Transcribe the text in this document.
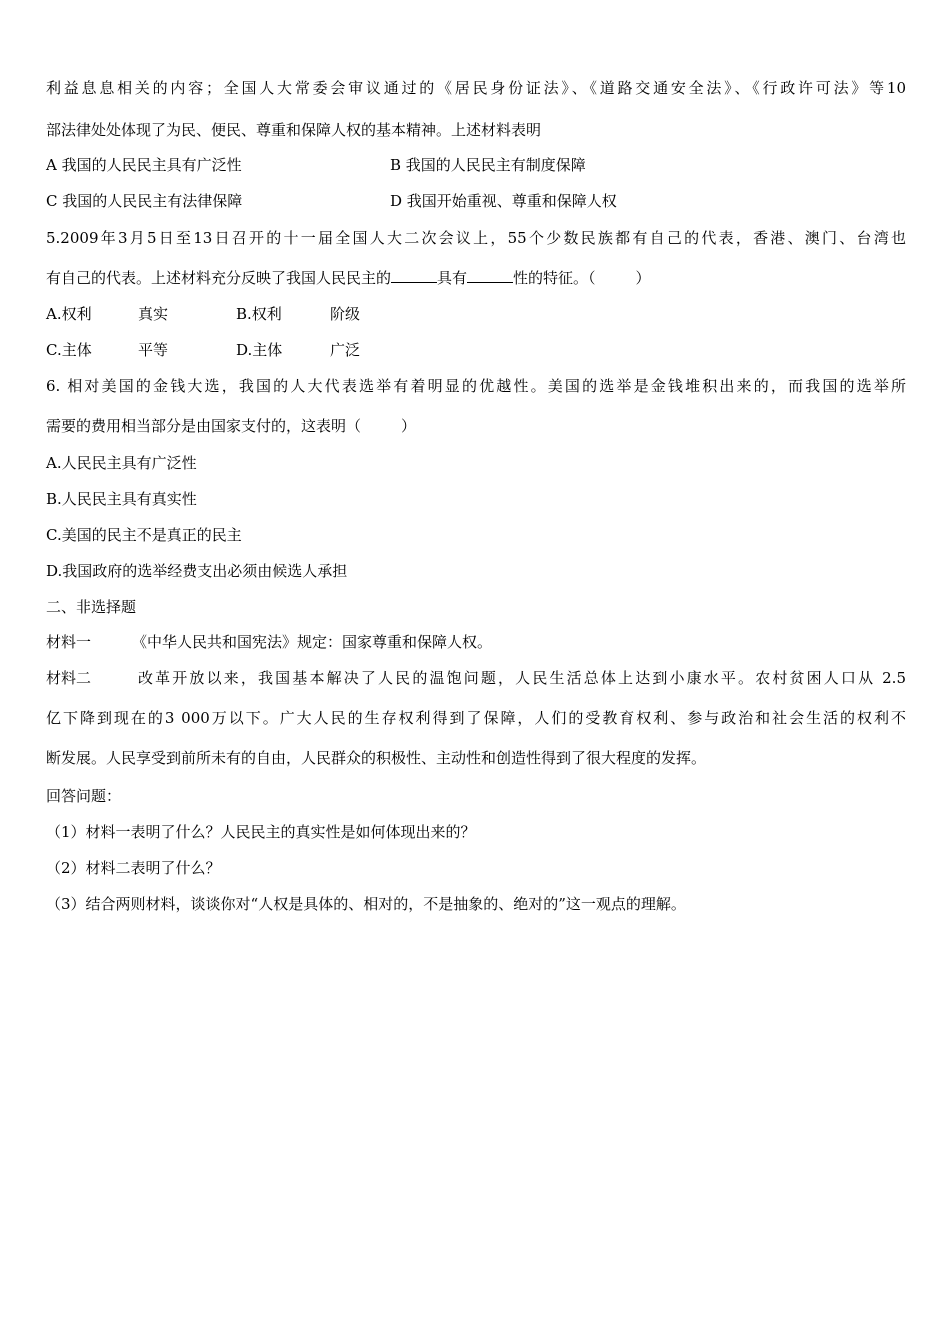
利益息息相关的内容；全国人大常委会审议通过的《居民身份证法》、《道路交通安全法》、《行政许可法》等10
部法律处处体现了为民、便民、尊重和保障人权的基本精神。上述材料表明
A 我国的人民民主具有广泛性	B 我国的人民民主有制度保障
C 我国的人民民主有法律保障	D 我国开始重视、尊重和保障人权
5.2009年3月5日至13日召开的十一届全国人大二次会议上，55个少数民族都有自己的代表，香港、澳门、台湾也
有自己的代表。上述材料充分反映了我国人民民主的	具有	性的特征。（	）
A.权利	真实	B.权利	阶级
C.主体	平等	D.主体	广泛
6. 相对美国的金钱大选，我国的人大代表选举有着明显的优越性。美国的选举是金钱堆积出来的，而我国的选举所
需要的费用相当部分是由国家支付的，这表明（	）
A.人民民主具有广泛性
B.人民民主具有真实性
C.美国的民主不是真正的民主
D.我国政府的选举经费支出必须由候选人承担
二、非选择题
材料一	《中华人民共和国宪法》规定：国家尊重和保障人权。
材料二	改革开放以来，我国基本解决了人民的温饱问题，人民生活总体上达到小康水平。农村贫困人口从 2.5
亿下降到现在的3 000万以下。广大人民的生存权利得到了保障，人们的受教育权利、参与政治和社会生活的权利不
断发展。人民享受到前所未有的自由，人民群众的积极性、主动性和创造性得到了很大程度的发挥。
回答问题：
（1）材料一表明了什么？人民民主的真实性是如何体现出来的？
（2）材料二表明了什么？
（3）结合两则材料，谈谈你对“人权是具体的、相对的，不是抽象的、绝对的”这一观点的理解。
